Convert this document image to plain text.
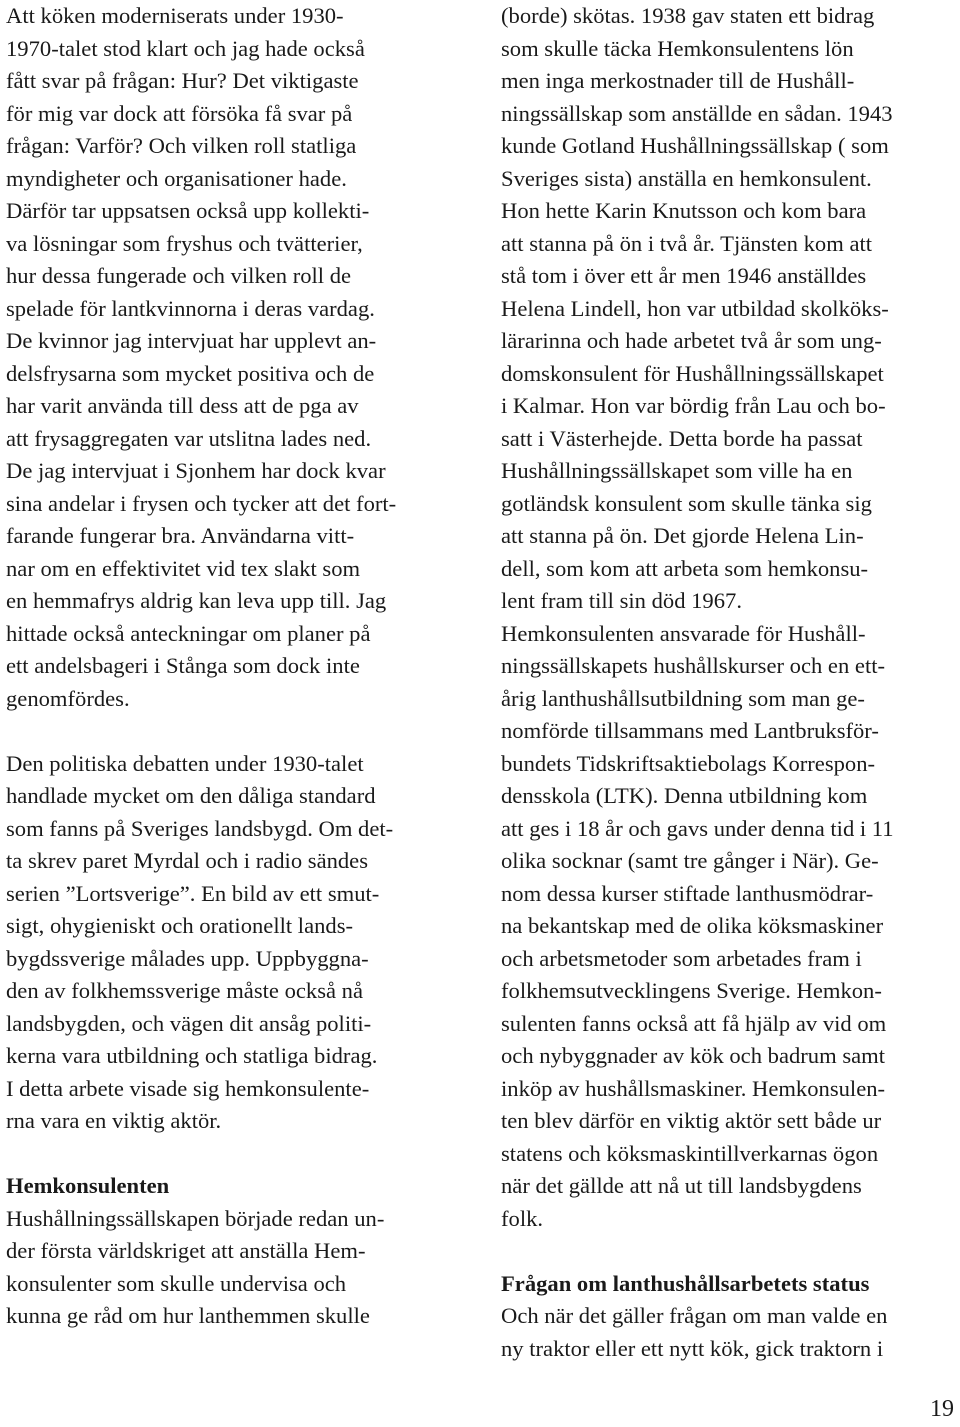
Att köken moderniserats under 1930-
1970-talet stod klart och jag hade också
fått svar på frågan: Hur? Det viktigaste
för mig var dock att försöka få svar på
frågan: Varför? Och vilken roll statliga
myndigheter och organisationer hade.
Därför tar uppsatsen också upp kollekti-
va lösningar som fryshus och tvätterier,
hur dessa fungerade och vilken roll de
spelade för lantkvinnorna i deras vardag.
De kvinnor jag intervjuat har upplevt an-
delsfrysarna som mycket positiva och de
har varit använda till dess att de pga av
att frysaggregaten var utslitna lades ned.
De jag intervjuat i Sjonhem har dock kvar
sina andelar i frysen och tycker att det fort-
farande fungerar bra. Användarna vitt-
nar om en effektivitet vid tex slakt som
en hemmafrys aldrig kan leva upp till. Jag
hittade också anteckningar om planer på
ett andelsbageri i Stånga som dock inte
genomfördes.
Den politiska debatten under 1930-talet
handlade mycket om den dåliga standard
som fanns på Sveriges landsbygd. Om det-
ta skrev paret Myrdal och i radio sändes
serien ”Lortsverige”. En bild av ett smut-
sigt, ohygieniskt och orationellt lands-
bygdssverige målades upp. Uppbyggna-
den av folkhemssverige måste också nå
landsbygden, och vägen dit ansåg politi-
kerna vara utbildning och statliga bidrag.
I detta arbete visade sig hemkonsulente-
rna vara en viktig aktör.
Hemkonsulenten
Hushållningssällskapen började redan un-
der första världskriget att anställa Hem-
konsulenter som skulle undervisa och
kunna ge råd om hur lanthemmen skulle
(borde) skötas. 1938 gav staten ett bidrag
som skulle täcka Hemkonsulentens lön
men inga merkostnader till de Hushåll-
ningssällskap som anställde en sådan. 1943
kunde Gotland Hushållningssällskap ( som
Sveriges sista) anställa en hemkonsulent.
Hon hette Karin Knutsson och kom bara
att stanna på ön i två år. Tjänsten kom att
stå tom i över ett år men 1946 anställdes
Helena Lindell, hon var utbildad skolköks-
lärarinna och hade arbetet två år som ung-
domskonsulent för Hushållningssällskapet
i Kalmar. Hon var bördig från Lau och bo-
satt i Västerhejde. Detta borde ha passat
Hushållningssällskapet som ville ha en
gotländsk konsulent som skulle tänka sig
att stanna på ön. Det gjorde Helena Lin-
dell, som kom att arbeta som hemkonsu-
lent fram till sin död 1967.
Hemkonsulenten ansvarade för Hushåll-
ningssällskapets hushållskurser och en ett-
årig lanthushållsutbildning som man ge-
nomförde tillsammans med Lantbruksför-
bundets Tidskriftsaktiebolags Korrespon-
densskola (LTK). Denna utbildning kom
att ges i 18 år och gavs under denna tid i 11
olika socknar (samt tre gånger i När). Ge-
nom dessa kurser stiftade lanthusmödrar-
na bekantskap med de olika köksmaskiner
och arbetsmetoder som arbetades fram i
folkhemsutvecklingens Sverige. Hemkon-
sulenten fanns också att få hjälp av vid om
och nybyggnader av kök och badrum samt
inköp av hushållsmaskiner. Hemkonsulen-
ten blev därför en viktig aktör sett både ur
statens och köksmaskintillverkarnas ögon
när det gällde att nå ut till landsbygdens
folk.
Frågan om lanthushållsarbetets status
Och när det gäller frågan om man valde en
ny traktor eller ett nytt kök, gick traktorn i
19
